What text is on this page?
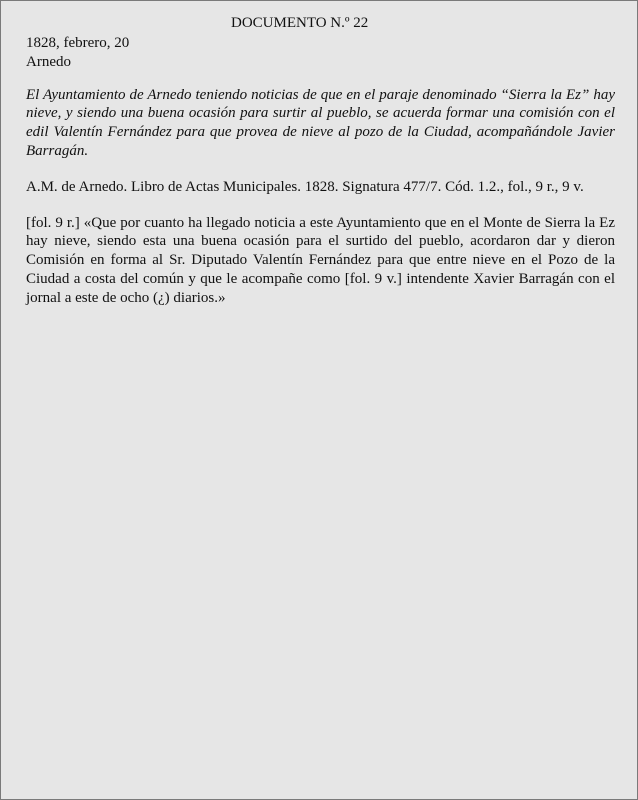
DOCUMENTO N.º 22

1828, febrero, 20

Arnedo

El Ayuntamiento de Arnedo teniendo noticias de que en el paraje denominado “Sierra la Ez” hay nieve, y siendo una buena ocasión para surtir al pueblo, se acuerda formar una comisión con el edil Valentín Fernández para que provea de nieve al pozo de la Ciudad, acompañándole Javier Barragán.

A.M. de Arnedo. Libro de Actas Municipales. 1828. Signatura 477/7. Cód. 1.2., fol., 9 r., 9 v.

[fol. 9 r.] «Que por cuanto ha llegado noticia a este Ayuntamiento que en el Monte de Sierra la Ez hay nieve, siendo esta una buena ocasión para el surtido del pueblo, acordaron dar y dieron Comisión en forma al Sr. Diputado Valentín Fernández para que entre nieve en el Pozo de la Ciudad a costa del común y que le acompañe como [fol. 9 v.] intendente Xavier Barragán con el jornal a este de ocho (¿) diarios.»
